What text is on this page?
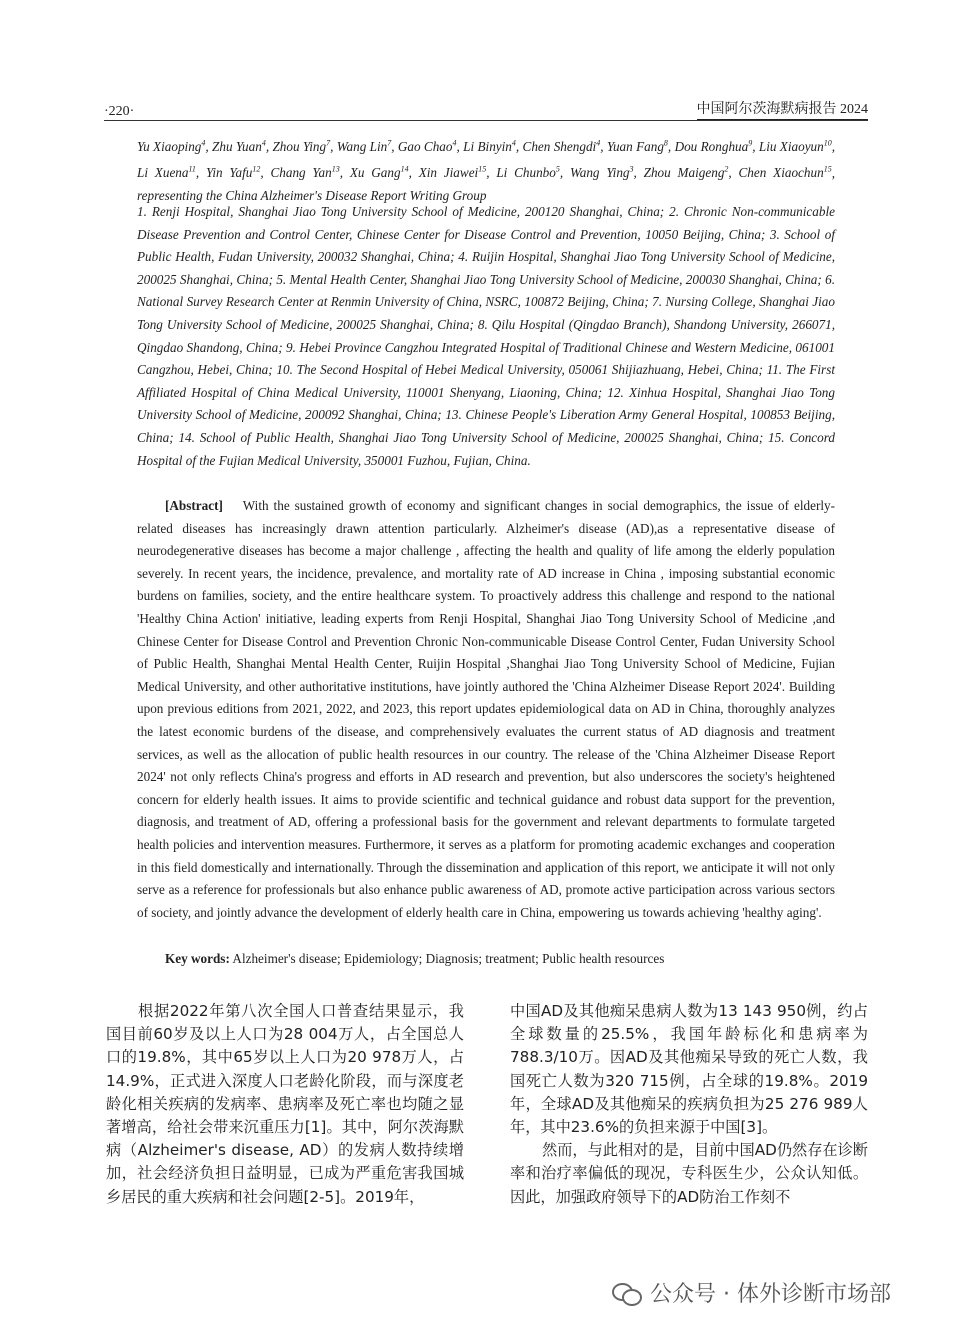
·220·	中国阿尔茨海默病报告 2024
Yu Xiaoping$^4$, Zhu Yuan$^4$, Zhou Ying$^7$, Wang Lin$^7$, Gao Chao$^4$, Li Binyin$^4$, Chen Shengdi$^4$, Yuan Fang$^8$, Dou Ronghua$^9$, Liu Xiaoyun$^{10}$, Li Xuena$^{11}$, Yin Yafu$^{12}$, Chang Yan$^{13}$, Xu Gang$^{14}$, Xin Jiawei$^{15}$, Li Chunbo$^5$, Wang Ying$^3$, Zhou Maigeng$^2$, Chen Xiaochun$^{15}$, representing the China Alzheimer's Disease Report Writing Group
1. Renji Hospital, Shanghai Jiao Tong University School of Medicine, 200120 Shanghai, China; 2. Chronic Non-communicable Disease Prevention and Control Center, Chinese Center for Disease Control and Prevention, 10050 Beijing, China; 3. School of Public Health, Fudan University, 200032 Shanghai, China; 4. Ruijin Hospital, Shanghai Jiao Tong University School of Medicine, 200025 Shanghai, China; 5. Mental Health Center, Shanghai Jiao Tong University School of Medicine, 200030 Shanghai, China; 6. National Survey Research Center at Renmin University of China, NSRC, 100872 Beijing, China; 7. Nursing College, Shanghai Jiao Tong University School of Medicine, 200025 Shanghai, China; 8. Qilu Hospital (Qingdao Branch), Shandong University, 266071, Qingdao Shandong, China; 9. Hebei Province Cangzhou Integrated Hospital of Traditional Chinese and Western Medicine, 061001 Cangzhou, Hebei, China; 10. The Second Hospital of Hebei Medical University, 050061 Shijiazhuang, Hebei, China; 11. The First Affiliated Hospital of China Medical University, 110001 Shenyang, Liaoning, China; 12. Xinhua Hospital, Shanghai Jiao Tong University School of Medicine, 200092 Shanghai, China; 13. Chinese People's Liberation Army General Hospital, 100853 Beijing, China; 14. School of Public Health, Shanghai Jiao Tong University School of Medicine, 200025 Shanghai, China; 15. Concord Hospital of the Fujian Medical University, 350001 Fuzhou, Fujian, China.
[Abstract] With the sustained growth of economy and significant changes in social demographics, the issue of elderly-related diseases has increasingly drawn attention particularly. Alzheimer's disease (AD),as a representative disease of neurodegenerative diseases has become a major challenge , affecting the health and quality of life among the elderly population severely. In recent years, the incidence, prevalence, and mortality rate of AD increase in China , imposing substantial economic burdens on families, society, and the entire healthcare system. To proactively address this challenge and respond to the national 'Healthy China Action' initiative, leading experts from Renji Hospital, Shanghai Jiao Tong University School of Medicine ,and Chinese Center for Disease Control and Prevention Chronic Non-communicable Disease Control Center, Fudan University School of Public Health, Shanghai Mental Health Center, Ruijin Hospital ,Shanghai Jiao Tong University School of Medicine, Fujian Medical University, and other authoritative institutions, have jointly authored the 'China Alzheimer Disease Report 2024'. Building upon previous editions from 2021, 2022, and 2023, this report updates epidemiological data on AD in China, thoroughly analyzes the latest economic burdens of the disease, and comprehensively evaluates the current status of AD diagnosis and treatment services, as well as the allocation of public health resources in our country. The release of the 'China Alzheimer Disease Report 2024' not only reflects China's progress and efforts in AD research and prevention, but also underscores the society's heightened concern for elderly health issues. It aims to provide scientific and technical guidance and robust data support for the prevention, diagnosis, and treatment of AD, offering a professional basis for the government and relevant departments to formulate targeted health policies and intervention measures. Furthermore, it serves as a platform for promoting academic exchanges and cooperation in this field domestically and internationally. Through the dissemination and application of this report, we anticipate it will not only serve as a reference for professionals but also enhance public awareness of AD, promote active participation across various sectors of society, and jointly advance the development of elderly health care in China, empowering us towards achieving 'healthy aging'.
Key words: Alzheimer's disease; Epidemiology; Diagnosis; treatment; Public health resources

根据2022年第八次全国人口普查结果显示，我国目前60岁及以上人口为28 004万人，占全国总人口的19.8%，其中65岁以上人口为20 978万人，占14.9%，正式进入深度人口老龄化阶段，而与深度老龄化相关疾病的发病率、患病率及死亡率也均随之显著增高，给社会带来沉重压力[1]。其中，阿尔茨海默病（Alzheimer's disease, AD）的发病人数持续增加，社会经济负担日益明显，已成为严重危害我国城乡居民的重大疾病和社会问题[2-5]。2019年，

中国AD及其他痴呆患病人数为13 143 950例，约占全球数量的25.5%，我国年龄标化和患病率为788.3/10万。因AD及其他痴呆导致的死亡人数，我国死亡人数为320 715例，占全球的19.8%。2019年，全球AD及其他痴呆的疾病负担为25 276 989人年，其中23.6%的负担来源于中国[3]。

然而，与此相对的是，目前中国AD仍然存在诊断率和治疗率偏低的现况，专科医生少，公众认知低。因此，加强政府领导下的AD防治工作刻不

公众号 · 体外诊断市场部
